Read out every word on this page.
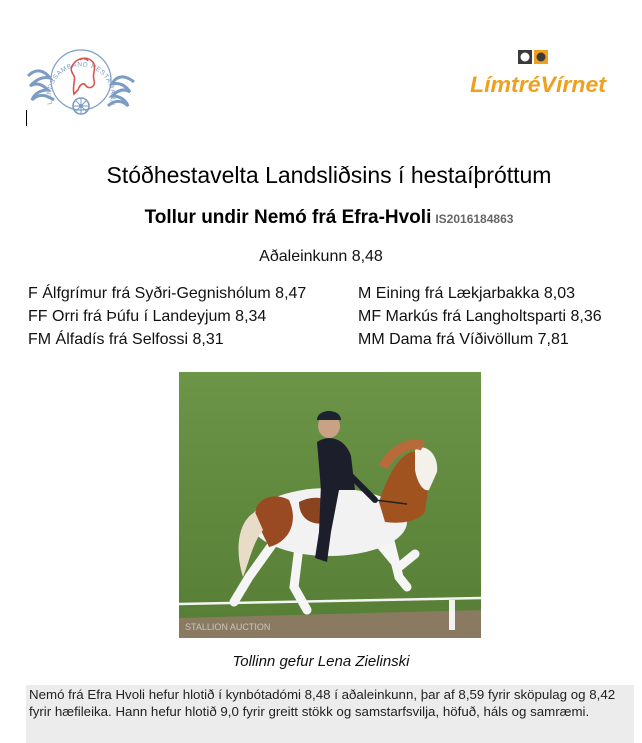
LANDSSAMBAND HESTAMANN
LímtréVírnet
Stóðhestavelta Landsliðsins í hestaíþróttum
Tollur undir Nemó frá Efra-Hvoli IS2016184863
Aðaleinkunn 8,48
F Álfgrímur frá Syðri-Gegnishólum 8,47
FF Orri frá Þúfu í Landeyjum 8,34
FM Álfadís frá Selfossi 8,31
M Eining frá Lækjarbakka 8,03
MF Markús frá Langholtsparti 8,36
MM Dama frá Víðivöllum 7,81
STALLION AUCTION
Tollinn gefur Lena Zielinski
Nemó frá Efra Hvoli hefur hlotið í kynbótadómi 8,48 í aðaleinkunn, þar af 8,59 fyrir sköpulag og 8,42 fyrir hæfileika. Hann hefur hlotið 9,0 fyrir greitt stökk og samstarfsvilja, höfuð, háls og samræmi.
